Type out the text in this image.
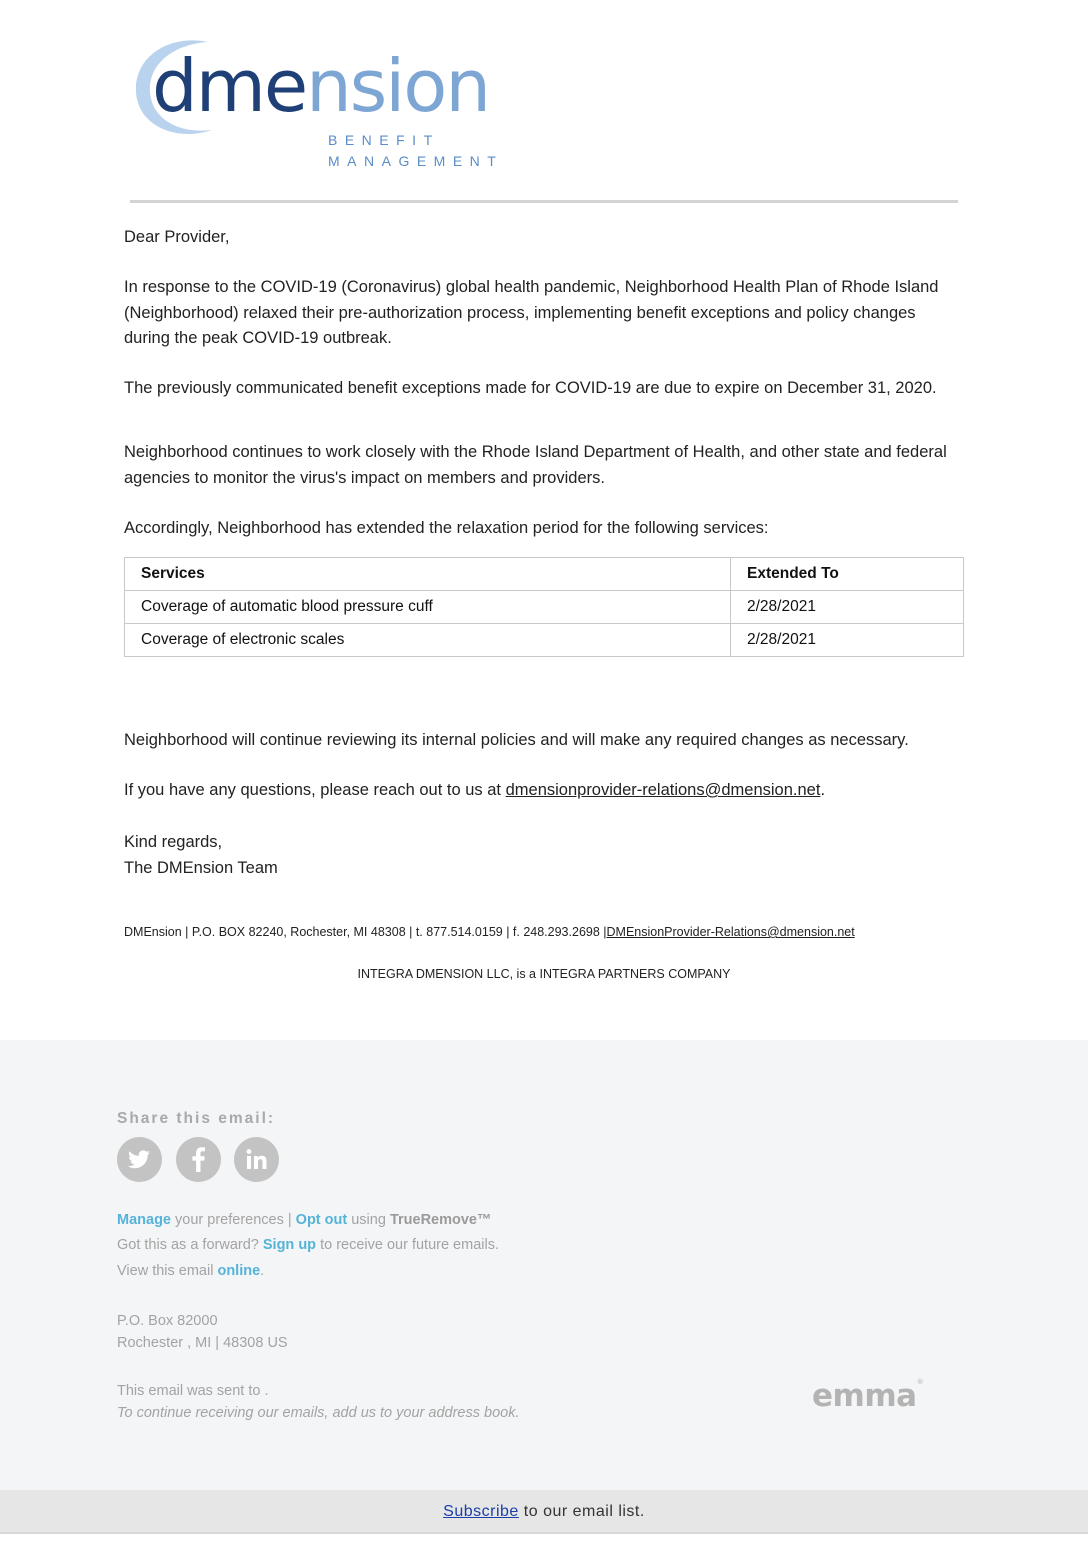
dmension
BENEFIT
MANAGEMENT
Dear Provider,
In response to the COVID-19 (Coronavirus) global health pandemic, Neighborhood Health Plan of Rhode Island (Neighborhood) relaxed their pre-authorization process, implementing benefit exceptions and policy changes during the peak COVID-19 outbreak.
The previously communicated benefit exceptions made for COVID-19 are due to expire on December 31, 2020.
Neighborhood continues to work closely with the Rhode Island Department of Health, and other state and federal agencies to monitor the virus's impact on members and providers.
Accordingly, Neighborhood has extended the relaxation period for the following services:
Services	Extended To
Coverage of automatic blood pressure cuff	2/28/2021
Coverage of electronic scales	2/28/2021
Neighborhood will continue reviewing its internal policies and will make any required changes as necessary.
If you have any questions, please reach out to us at dmensionprovider-relations@dmension.net.
Kind regards,
The DMEnsion Team
DMEnsion | P.O. BOX 82240, Rochester, MI 48308 | t. 877.514.0159 | f. 248.293.2698 |DMEnsionProvider-Relations@dmension.net
INTEGRA DMENSION LLC, is a INTEGRA PARTNERS COMPANY
Share this email:
Manage your preferences | Opt out using TrueRemove™
Got this as a forward? Sign up to receive our future emails.
View this email online.
P.O. Box 82000
Rochester , MI | 48308 US
This email was sent to .
To continue receiving our emails, add us to your address book.	emma®
Subscribe to our email list.
